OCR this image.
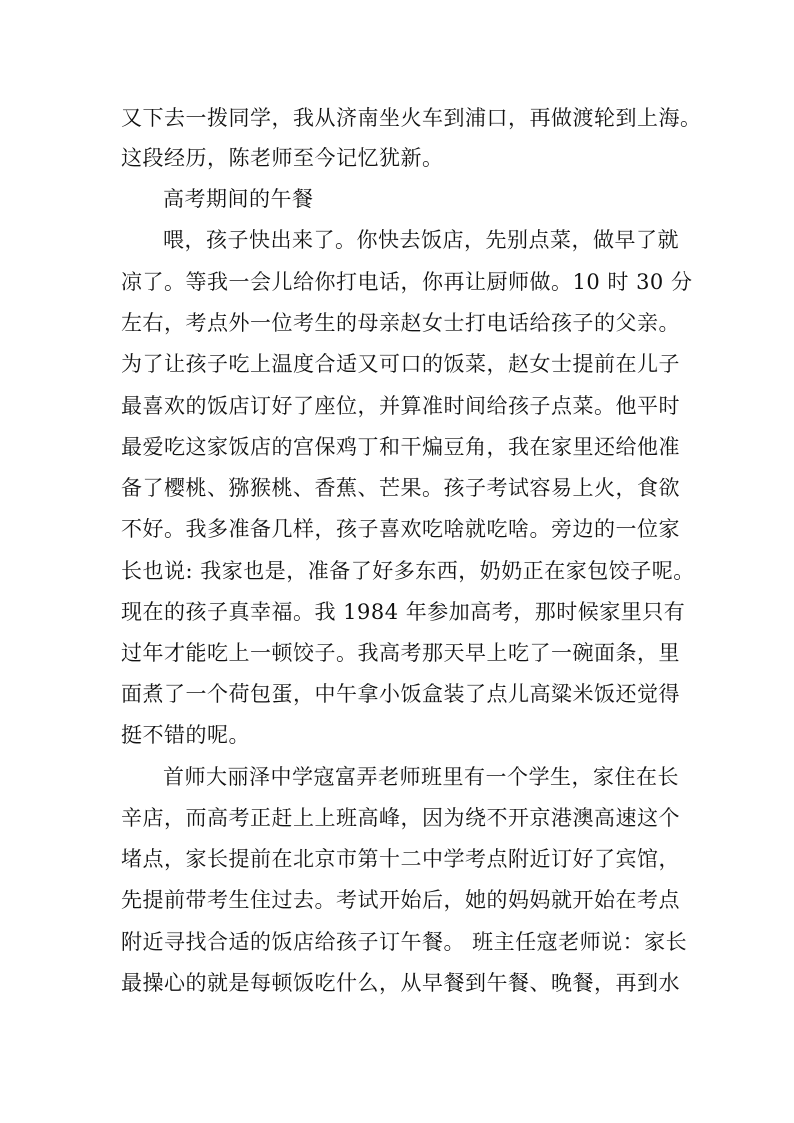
又下去一拨同学，我从济南坐火车到浦口，再做渡轮到上海。
这段经历，陈老师至今记忆犹新。
高考期间的午餐
喂，孩子快出来了。你快去饭店，先别点菜，做早了就
凉了。等我一会儿给你打电话，你再让厨师做。10 时 30 分
左右，考点外一位考生的母亲赵女士打电话给孩子的父亲。
为了让孩子吃上温度合适又可口的饭菜，赵女士提前在儿子
最喜欢的饭店订好了座位，并算准时间给孩子点菜。他平时
最爱吃这家饭店的宫保鸡丁和干煸豆角，我在家里还给他准
备了樱桃、猕猴桃、香蕉、芒果。孩子考试容易上火，食欲
不好。我多准备几样，孩子喜欢吃啥就吃啥。旁边的一位家
长也说: 我家也是，准备了好多东西，奶奶正在家包饺子呢。
现在的孩子真幸福。我 1984 年参加高考，那时候家里只有
过年才能吃上一顿饺子。我高考那天早上吃了一碗面条，里
面煮了一个荷包蛋，中午拿小饭盒装了点儿高粱米饭还觉得
挺不错的呢。
首师大丽泽中学寇富弄老师班里有一个学生，家住在长
辛店，而高考正赶上上班高峰，因为绕不开京港澳高速这个
堵点，家长提前在北京市第十二中学考点附近订好了宾馆，
先提前带考生住过去。考试开始后，她的妈妈就开始在考点
附近寻找合适的饭店给孩子订午餐。 班主任寇老师说：家长
最操心的就是每顿饭吃什么，从早餐到午餐、晚餐，再到水
